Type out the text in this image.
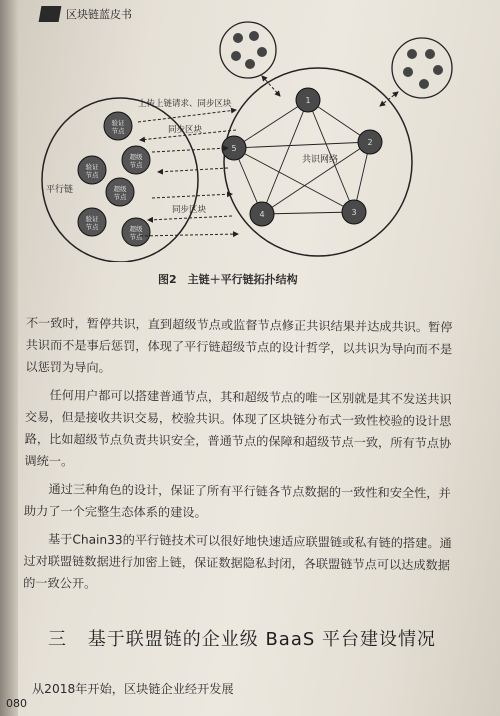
区块链蓝皮书
1
2
3
4
5
共识网络
平行链
验证
节点
验证
节点
超级
节点
超级
节点
验证
节点	超级
节点
上传上链请求、同步区块
同步区块
同步区块
图2　主链＋平行链拓扑结构

不一致时，暂停共识，直到超级节点或监督节点修正共识结果并达成共识。暂停共识而不是事后惩罚，体现了平行链超级节点的设计哲学，以共识为导向而不是以惩罚为导向。

任何用户都可以搭建普通节点，其和超级节点的唯一区别就是其不发送共识交易，但是接收共识交易，校验共识。体现了区块链分布式一致性校验的设计思路，比如超级节点负责共识安全，普通节点的保障和超级节点一致，所有节点协调统一。

通过三种角色的设计，保证了所有平行链各节点数据的一致性和安全性，并助力了一个完整生态体系的建设。

基于Chain33的平行链技术可以很好地快速适应联盟链或私有链的搭建。通过对联盟链数据进行加密上链，保证数据隐私封闭，各联盟链节点可以达成数据的一致公开。

三 基于联盟链的企业级 BaaS 平台建设情况
从2018年开始，区块链企业经开发展
080
